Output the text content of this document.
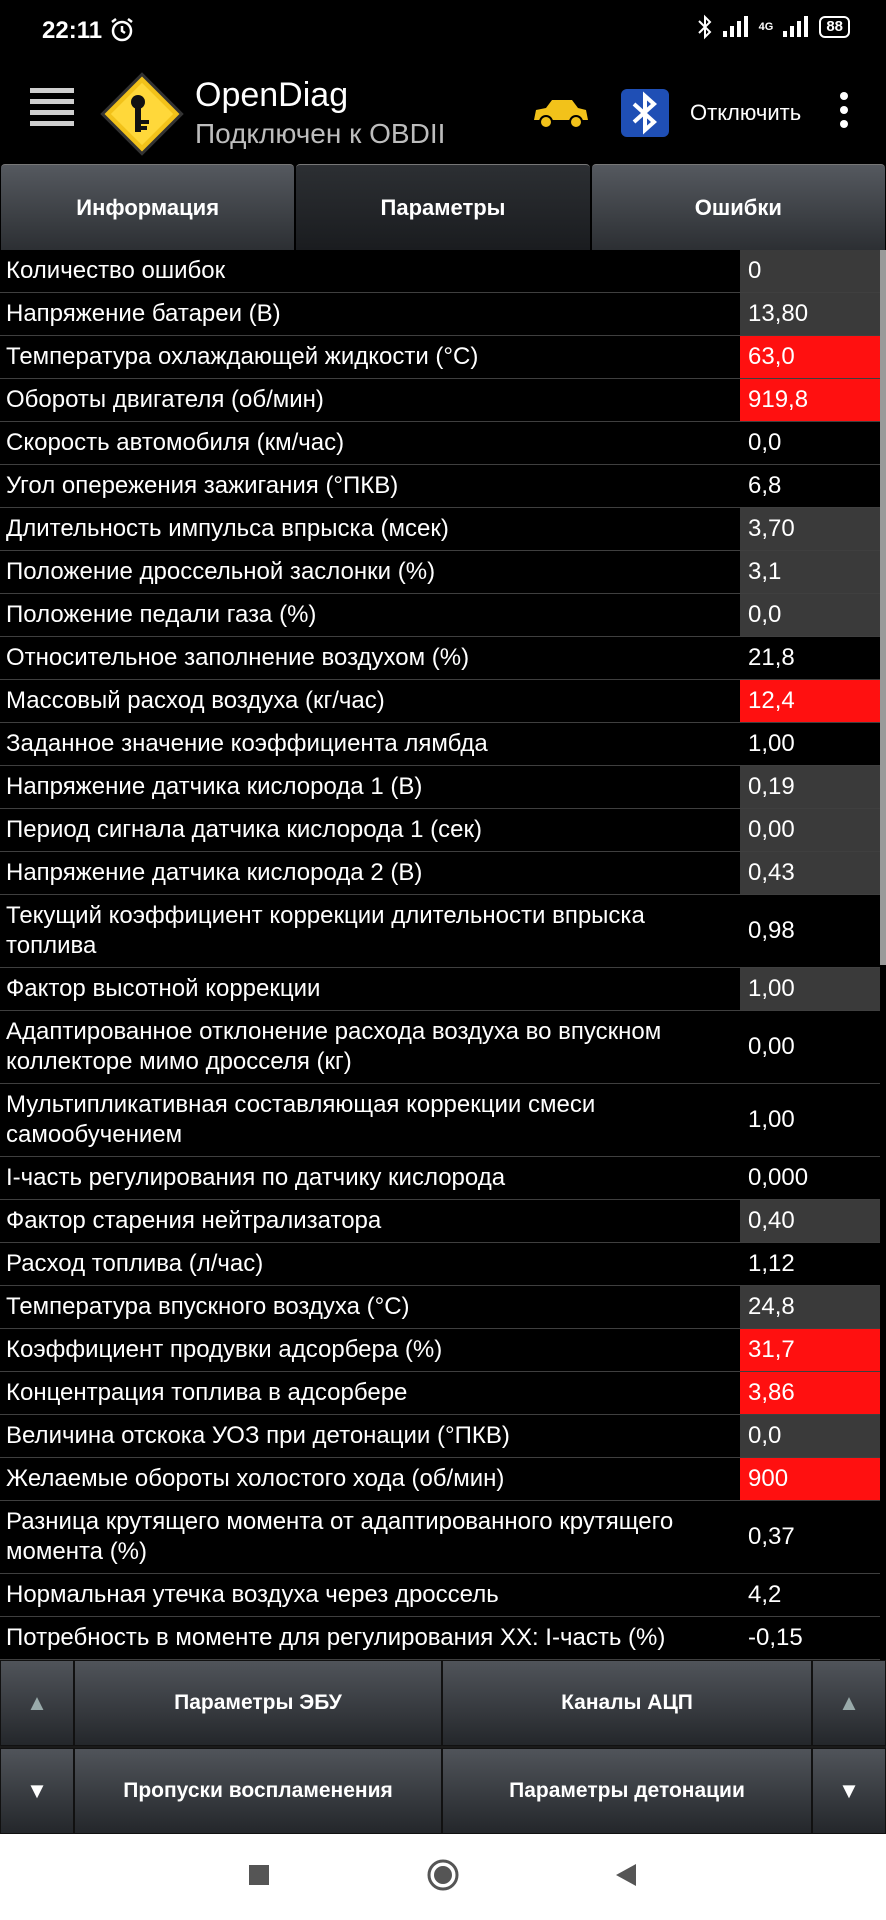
22:11	4G	88
OpenDiag
Подключен к OBDII
Отключить
Информация	Параметры	Ошибки
Количество ошибок	0
Напряжение батареи (В)	13,80
Температура охлаждающей жидкости (°С)	63,0
Обороты двигателя (об/мин)	919,8
Скорость автомобиля (км/час)	0,0
Угол опережения зажигания (°ПКВ)	6,8
Длительность импульса впрыска (мсек)	3,70
Положение дроссельной заслонки (%)	3,1
Положение педали газа (%)	0,0
Относительное заполнение воздухом (%)	21,8
Массовый расход воздуха (кг/час)	12,4
Заданное значение коэффициента лямбда	1,00
Напряжение датчика кислорода 1 (В)	0,19
Период сигнала датчика кислорода 1 (сек)	0,00
Напряжение датчика кислорода 2 (В)	0,43
Текущий коэффициент коррекции длительности впрыска топлива
0,98
Фактор высотной коррекции	1,00
Адаптированное отклонение расхода воздуха во впускном коллекторе мимо дросселя (кг)
0,00
Мультипликативная составляющая коррекции смеси самообучением
1,00
I-часть регулирования по датчику кислорода	0,000
Фактор старения нейтрализатора	0,40
Расход топлива (л/час)	1,12
Температура впускного воздуха (°С)	24,8
Коэффициент продувки адсорбера (%)	31,7
Концентрация топлива в адсорбере	3,86
Величина отскока УОЗ при детонации (°ПКВ)	0,0
Желаемые обороты холостого хода (об/мин)	900
Разница крутящего момента от адаптированного крутящего момента (%)
0,37
Нормальная утечка воздуха через дроссель	4,2
Потребность в моменте для регулирования XX: I-часть (%)	-0,15
▲	Параметры ЭБУ	Каналы АЦП	▲
▼	Пропуски воспламенения	Параметры детонации	▼
